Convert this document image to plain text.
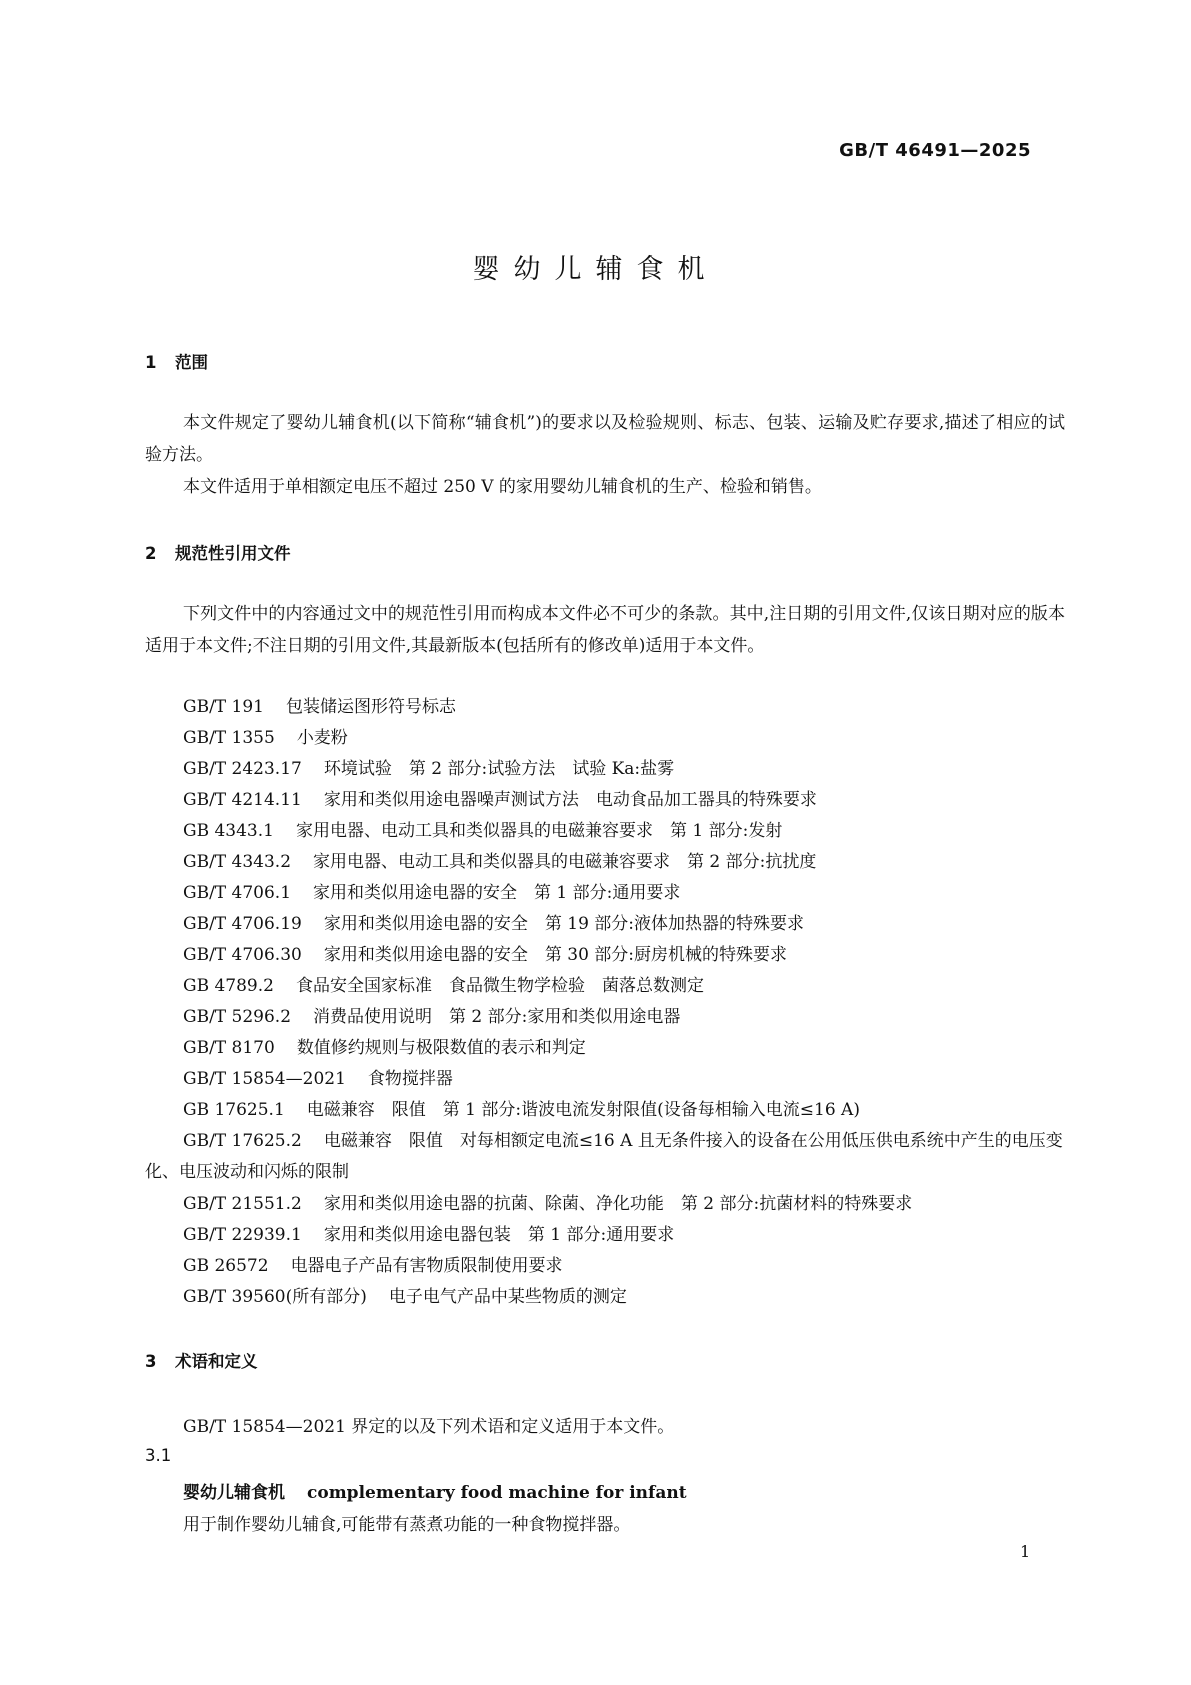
GB/T 46491—2025
婴幼儿辅食机
1 范围
本文件规定了婴幼儿辅食机(以下简称“辅食机”)的要求以及检验规则、标志、包装、运输及贮存要求,描述了相应的试验方法。
本文件适用于单相额定电压不超过 250 V 的家用婴幼儿辅食机的生产、检验和销售。
2 规范性引用文件
下列文件中的内容通过文中的规范性引用而构成本文件必不可少的条款。其中,注日期的引用文件,仅该日期对应的版本适用于本文件;不注日期的引用文件,其最新版本(包括所有的修改单)适用于本文件。
GB/T 191 包装储运图形符号标志
GB/T 1355 小麦粉
GB/T 2423.17 环境试验　第 2 部分:试验方法　试验 Ka:盐雾
GB/T 4214.11 家用和类似用途电器噪声测试方法　电动食品加工器具的特殊要求
GB 4343.1 家用电器、电动工具和类似器具的电磁兼容要求　第 1 部分:发射
GB/T 4343.2 家用电器、电动工具和类似器具的电磁兼容要求　第 2 部分:抗扰度
GB/T 4706.1 家用和类似用途电器的安全　第 1 部分:通用要求
GB/T 4706.19 家用和类似用途电器的安全　第 19 部分:液体加热器的特殊要求
GB/T 4706.30 家用和类似用途电器的安全　第 30 部分:厨房机械的特殊要求
GB 4789.2 食品安全国家标准　食品微生物学检验　菌落总数测定
GB/T 5296.2 消费品使用说明　第 2 部分:家用和类似用途电器
GB/T 8170 数值修约规则与极限数值的表示和判定
GB/T 15854—2021 食物搅拌器
GB 17625.1 电磁兼容　限值　第 1 部分:谐波电流发射限值(设备每相输入电流≤16 A)
GB/T 17625.2 电磁兼容　限值　对每相额定电流≤16 A 且无条件接入的设备在公用低压供电系统中产生的电压变化、电压波动和闪烁的限制
GB/T 21551.2 家用和类似用途电器的抗菌、除菌、净化功能　第 2 部分:抗菌材料的特殊要求
GB/T 22939.1 家用和类似用途电器包装　第 1 部分:通用要求
GB 26572 电器电子产品有害物质限制使用要求
GB/T 39560(所有部分) 电子电气产品中某些物质的测定
3 术语和定义
GB/T 15854—2021 界定的以及下列术语和定义适用于本文件。
3.1
婴幼儿辅食机 complementary food machine for infant
用于制作婴幼儿辅食,可能带有蒸煮功能的一种食物搅拌器。
1
